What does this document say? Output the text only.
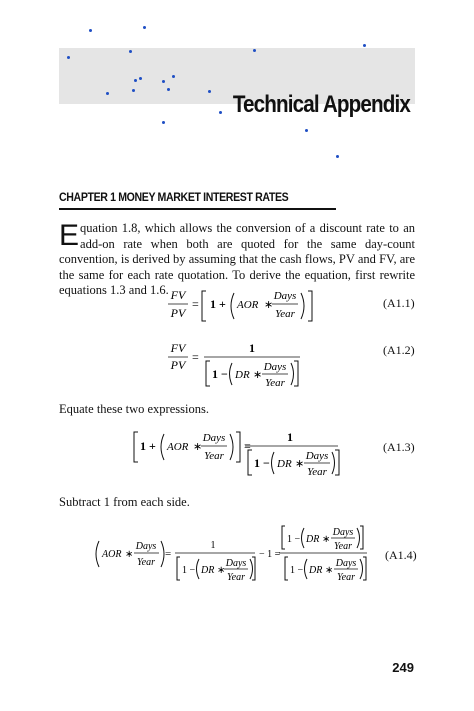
Technical Appendix
CHAPTER 1 MONEY MARKET INTEREST RATES
Equation 1.8, which allows the conversion of a discount rate to an add-on rate when both are quoted for the same day-count convention, is derived by assuming that the cash flows, PV and FV, are the same for each rate quotation. To derive the equation, first rewrite equations 1.3 and 1.6. FV
PV
= 1 + AOR ∗
Days
Year
(A1.1)
FV
PV
=
1
1 − DR ∗
Days
Year
(A1.2)
Equate these two expressions.
1 + AOR ∗
Days
Year
=
1
1 − DR ∗
Days
Year
(A1.3)
Subtract 1 from each side.
AOR ∗
Days
Year
=
1
1 − DR ∗
Days
Year
− 1 =
1 − DR ∗
Days
Year
1 − DR ∗
Days
Year
(A1.4)
249
